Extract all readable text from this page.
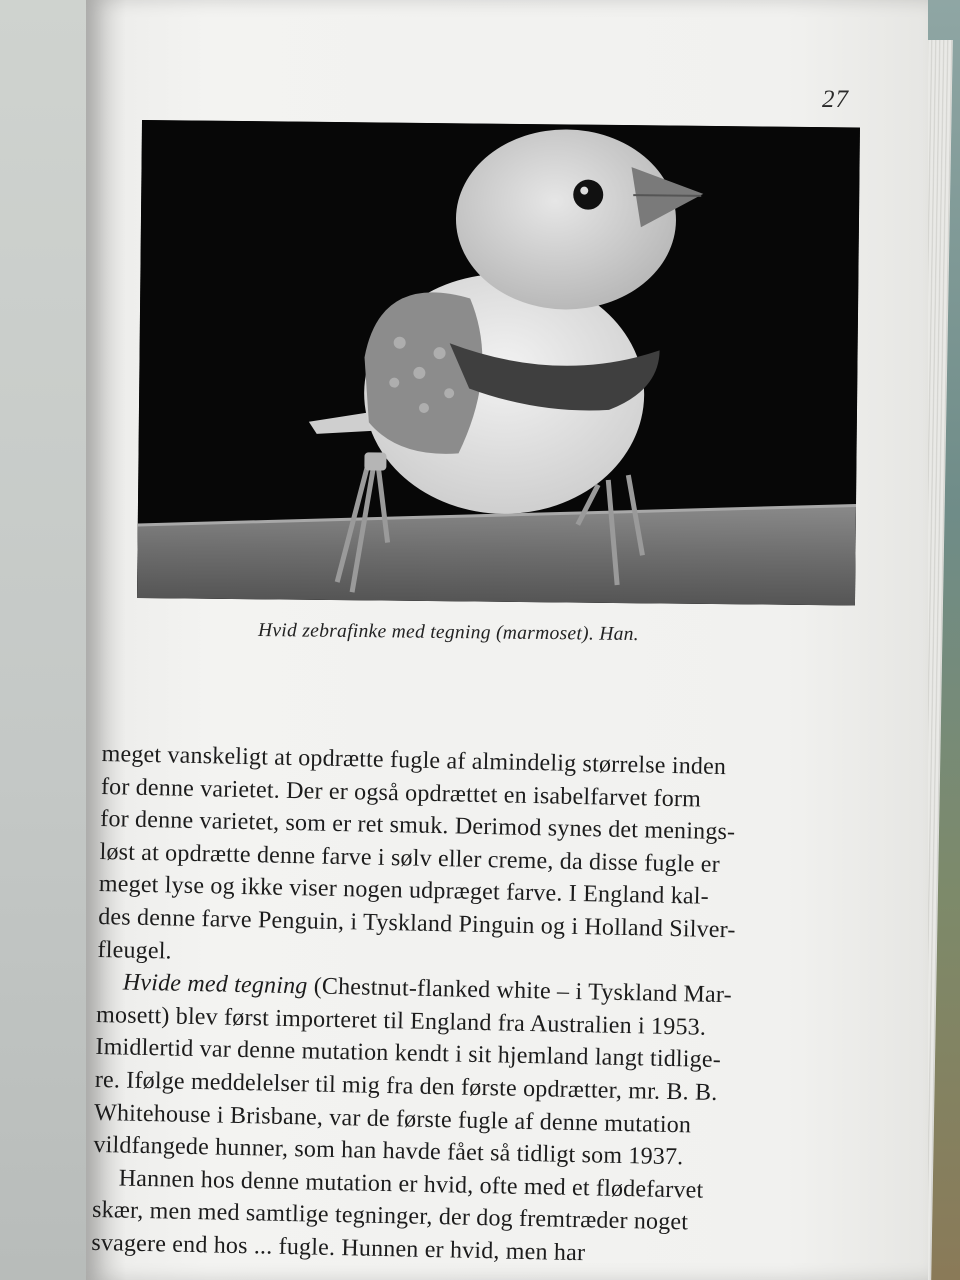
27
Hvid zebrafinke med tegning (marmoset). Han.
meget vanskeligt at opdrætte fugle af almindelig størrelse inden
for denne varietet. Der er også opdrættet en isabelfarvet form
for denne varietet, som er ret smuk. Derimod synes det menings-
løst at opdrætte denne farve i sølv eller creme, da disse fugle er
meget lyse og ikke viser nogen udpræget farve. I England kal-
des denne farve Penguin, i Tyskland Pinguin og i Holland Silver-
fleugel.
Hvide med tegning (Chestnut-flanked white – i Tyskland Mar-
mosett) blev først importeret til England fra Australien i 1953.
Imidlertid var denne mutation kendt i sit hjemland langt tidlige-
re. Ifølge meddelelser til mig fra den første opdrætter, mr. B. B.
Whitehouse i Brisbane, var de første fugle af denne mutation
vildfangede hunner, som han havde fået så tidligt som 1937.
Hannen hos denne mutation er hvid, ofte med et flødefarvet
skær, men med samtlige tegninger, der dog fremtræder noget
svagere end hos ... fugle. Hunnen er hvid, men har
